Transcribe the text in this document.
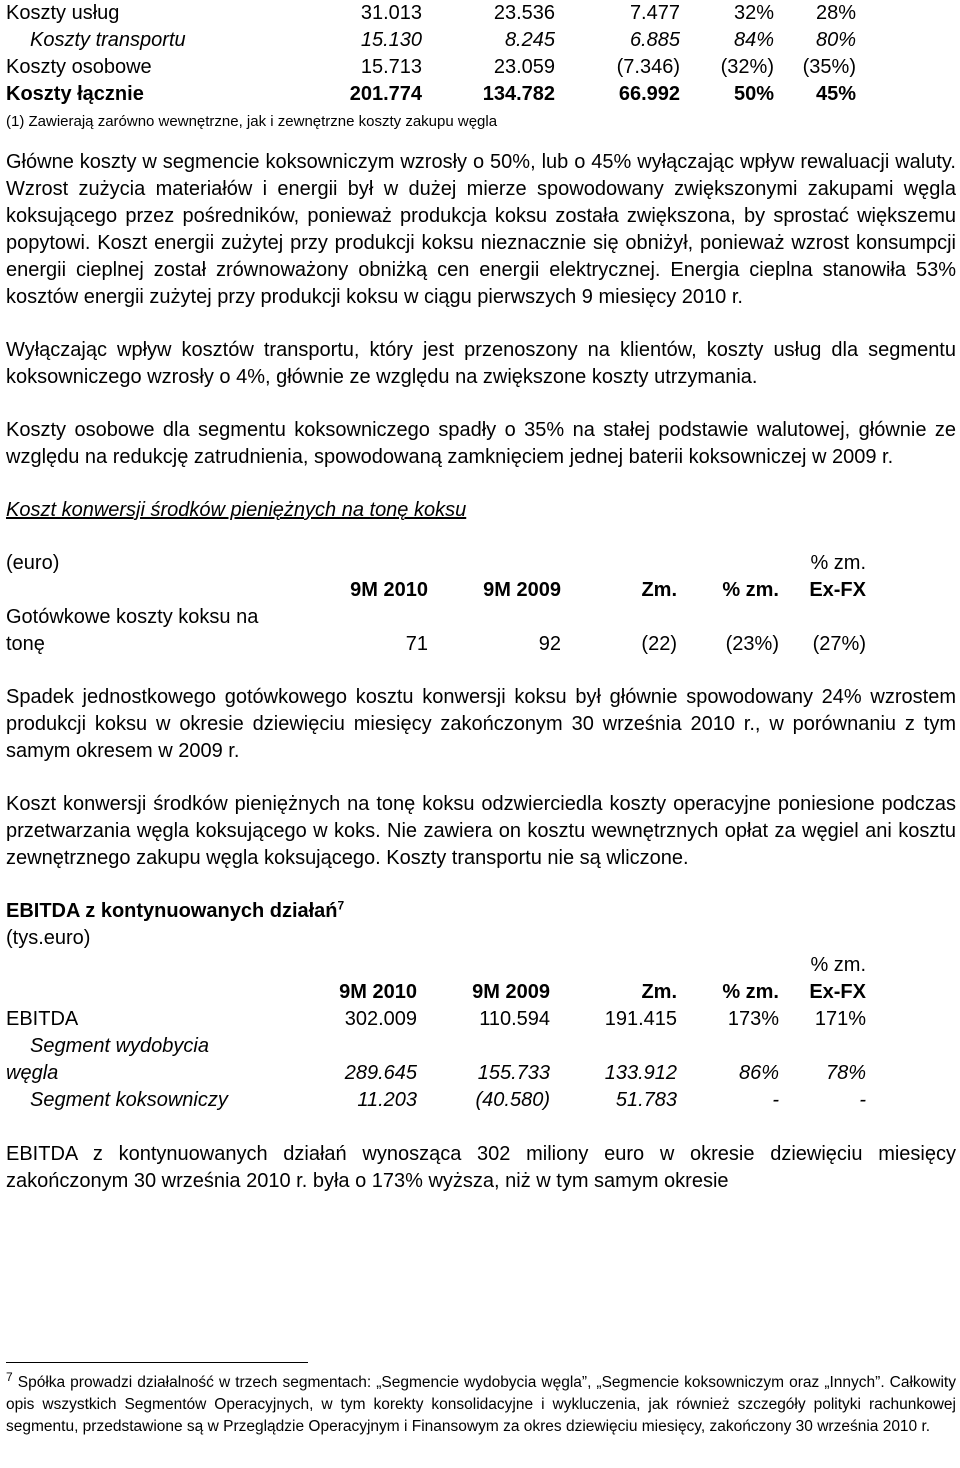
Koszty usług	31.013	23.536	7.477	32%	28%
Koszty transportu	15.130	8.245	6.885	84%	80%
Koszty osobowe	15.713	23.059	(7.346)	(32%)	(35%)
Koszty łącznie	201.774	134.782	66.992	50%	45%
(1) Zawierają zarówno wewnętrzne, jak i zewnętrzne koszty zakupu węgla

Główne koszty w segmencie koksowniczym wzrosły o 50%, lub o 45% wyłączając wpływ rewaluacji waluty. Wzrost zużycia materiałów i energii był w dużej mierze spowodowany zwiększonymi zakupami węgla koksującego przez pośredników, ponieważ produkcja koksu została zwiększona, by sprostać większemu popytowi. Koszt energii zużytej przy produkcji koksu nieznacznie się obniżył, ponieważ wzrost konsumpcji energii cieplnej został zrównoważony obniżką cen energii elektrycznej. Energia cieplna stanowiła 53% kosztów energii zużytej przy produkcji koksu w ciągu pierwszych 9 miesięcy 2010 r.

Wyłączając wpływ kosztów transportu, który jest przenoszony na klientów, koszty usług dla segmentu koksowniczego wzrosły o 4%, głównie ze względu na zwiększone koszty utrzymania.

Koszty osobowe dla segmentu koksowniczego spadły o 35% na stałej podstawie walutowej, głównie ze względu na redukcję zatrudnienia, spowodowaną zamknięciem jednej baterii koksowniczej w 2009 r.

Koszt konwersji środków pieniężnych na tonę koksu
(euro)					% zm.
	9M 2010	9M 2009	Zm.	% zm.	Ex-FX
Gotówkowe koszty koksu na					
tonę	71	92	(22)	(23%)	(27%)

Spadek jednostkowego gotówkowego kosztu konwersji koksu był głównie spowodowany 24% wzrostem produkcji koksu w okresie dziewięciu miesięcy zakończonym 30 września 2010 r., w porównaniu z tym samym okresem w 2009 r.

Koszt konwersji środków pieniężnych na tonę koksu odzwierciedla koszty operacyjne poniesione podczas przetwarzania węgla koksującego w koks. Nie zawiera on kosztu wewnętrznych opłat za węgiel ani kosztu zewnętrznego zakupu węgla koksującego. Koszty transportu nie są wliczone.

EBITDA z kontynuowanych działań$^7$
(tys.euro)
					% zm.
	9M 2010	9M 2009	Zm.	% zm.	Ex-FX
EBITDA	302.009	110.594	191.415	173%	171%
Segment wydobycia					
węgla	289.645	155.733	133.912	86%	78%
Segment koksowniczy	11.203	(40.580)	51.783	-	-

EBITDA z kontynuowanych działań wynosząca 302 miliony euro w okresie dziewięciu miesięcy zakończonym 30 września 2010 r. była o 173% wyższa, niż w tym samym okresie

$^7$ Spółka prowadzi działalność w trzech segmentach: „Segmencie wydobycia węgla”, „Segmencie koksowniczym oraz „Innych”. Całkowity opis wszystkich Segmentów Operacyjnych, w tym korekty konsolidacyjne i wykluczenia, jak również szczegóły polityki rachunkowej segmentu, przedstawione są w Przeglądzie Operacyjnym i Finansowym za okres dziewięciu miesięcy, zakończony 30 września 2010 r.
